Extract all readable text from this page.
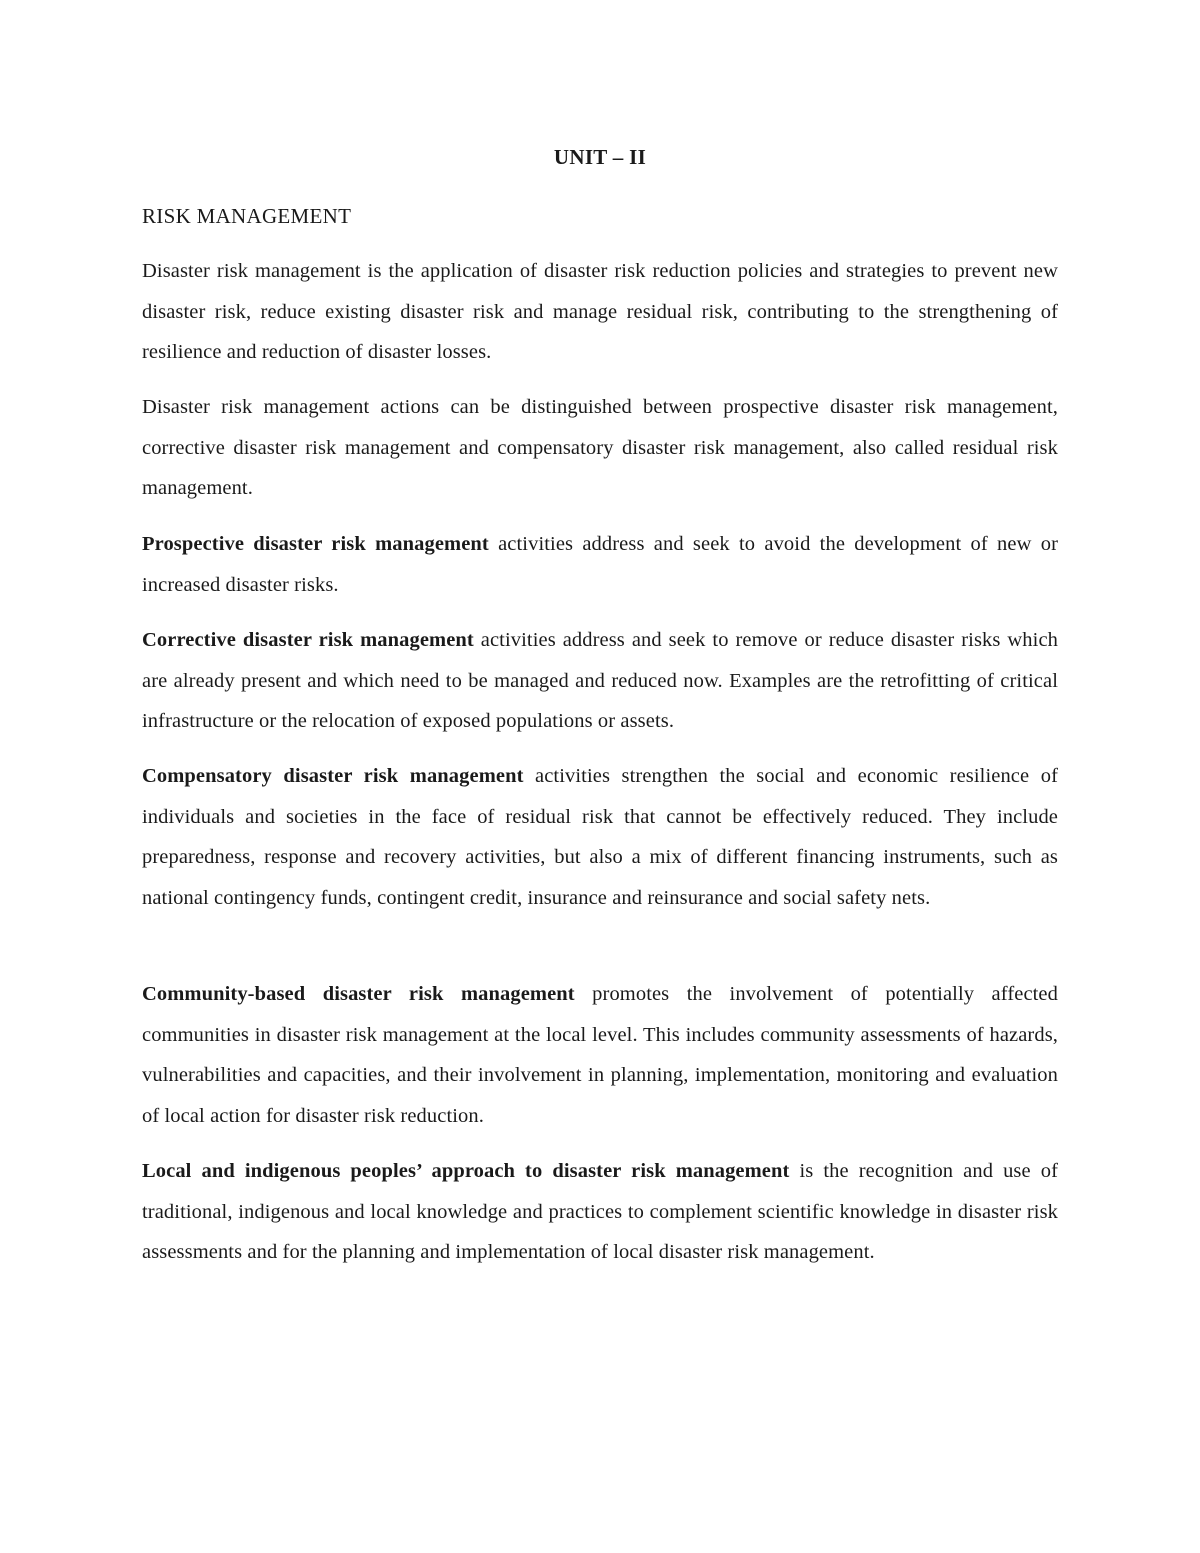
UNIT – II
RISK MANAGEMENT

Disaster risk management is the application of disaster risk reduction policies and strategies to prevent new disaster risk, reduce existing disaster risk and manage residual risk, contributing to the strengthening of resilience and reduction of disaster losses.

Disaster risk management actions can be distinguished between prospective disaster risk management, corrective disaster risk management and compensatory disaster risk management, also called residual risk management.

Prospective disaster risk management activities address and seek to avoid the development of new or increased disaster risks.

Corrective disaster risk management activities address and seek to remove or reduce disaster risks which are already present and which need to be managed and reduced now. Examples are the retrofitting of critical infrastructure or the relocation of exposed populations or assets.

Compensatory disaster risk management activities strengthen the social and economic resilience of individuals and societies in the face of residual risk that cannot be effectively reduced. They include preparedness, response and recovery activities, but also a mix of different financing instruments, such as national contingency funds, contingent credit, insurance and reinsurance and social safety nets.

Community-based disaster risk management promotes the involvement of potentially affected communities in disaster risk management at the local level. This includes community assessments of hazards, vulnerabilities and capacities, and their involvement in planning, implementation, monitoring and evaluation of local action for disaster risk reduction.

Local and indigenous peoples’ approach to disaster risk management is the recognition and use of traditional, indigenous and local knowledge and practices to complement scientific knowledge in disaster risk assessments and for the planning and implementation of local disaster risk management.
